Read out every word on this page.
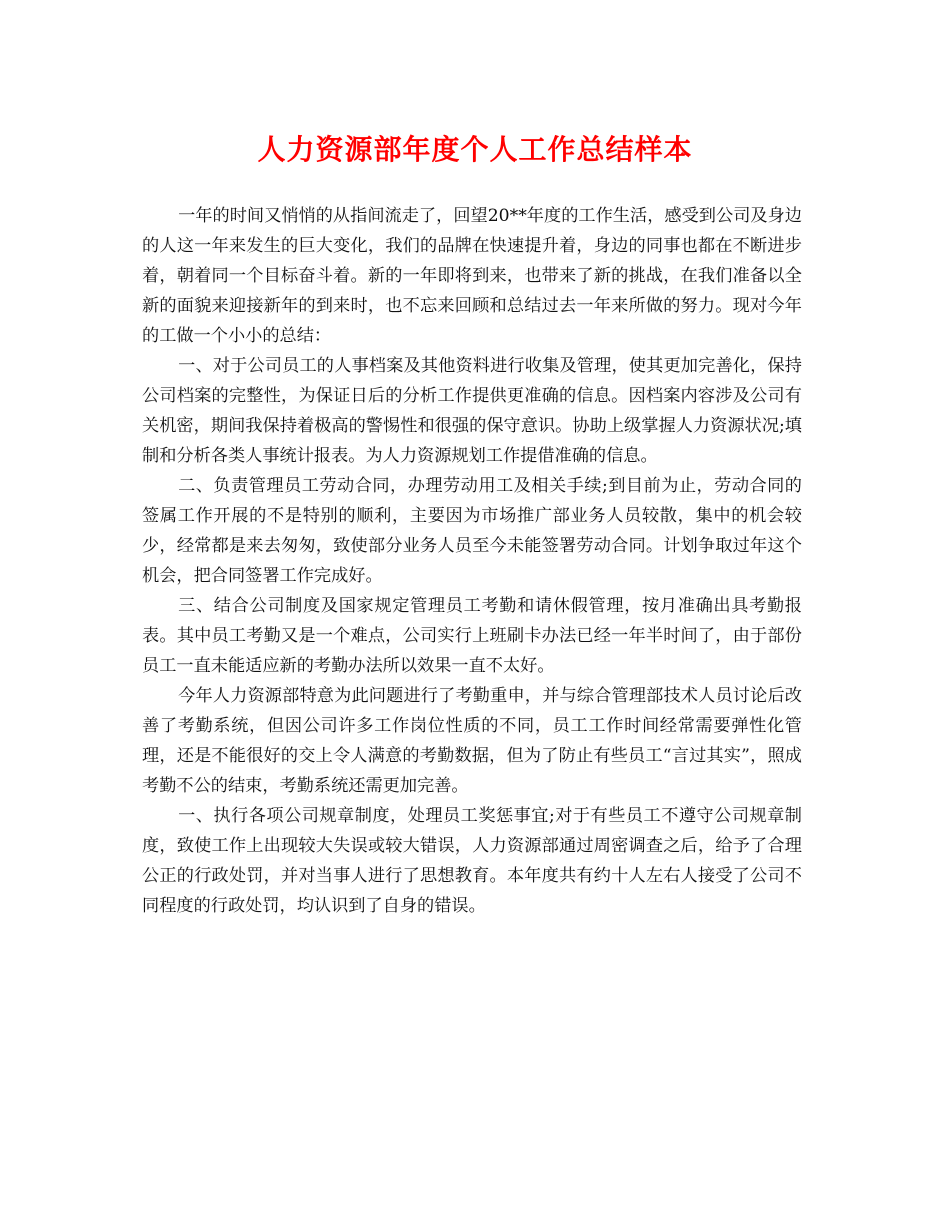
人力资源部年度个人工作总结样本

一年的时间又悄悄的从指间流走了，回望20**年度的工作生活，感受到公司及身边的人这一年来发生的巨大变化，我们的品牌在快速提升着，身边的同事也都在不断进步着，朝着同一个目标奋斗着。新的一年即将到来，也带来了新的挑战，在我们准备以全新的面貌来迎接新年的到来时，也不忘来回顾和总结过去一年来所做的努力。现对今年的工做一个小小的总结：

一、对于公司员工的人事档案及其他资料进行收集及管理，使其更加完善化，保持公司档案的完整性，为保证日后的分析工作提供更准确的信息。因档案内容涉及公司有关机密，期间我保持着极高的警惕性和很强的保守意识。协助上级掌握人力资源状况;填制和分析各类人事统计报表。为人力资源规划工作提借准确的信息。

二、负责管理员工劳动合同，办理劳动用工及相关手续;到目前为止，劳动合同的签属工作开展的不是特别的顺利，主要因为市场推广部业务人员较散，集中的机会较少，经常都是来去匆匆，致使部分业务人员至今未能签署劳动合同。计划争取过年这个机会，把合同签署工作完成好。

三、结合公司制度及国家规定管理员工考勤和请休假管理，按月准确出具考勤报表。其中员工考勤又是一个难点，公司实行上班刷卡办法已经一年半时间了，由于部份员工一直未能适应新的考勤办法所以效果一直不太好。

今年人力资源部特意为此问题进行了考勤重申，并与综合管理部技术人员讨论后改善了考勤系统，但因公司许多工作岗位性质的不同，员工工作时间经常需要弹性化管理，还是不能很好的交上令人满意的考勤数据，但为了防止有些员工“言过其实”，照成考勤不公的结束，考勤系统还需更加完善。

一、执行各项公司规章制度，处理员工奖惩事宜;对于有些员工不遵守公司规章制度，致使工作上出现较大失误或较大错误，人力资源部通过周密调查之后，给予了合理公正的行政处罚，并对当事人进行了思想教育。本年度共有约十人左右人接受了公司不同程度的行政处罚，均认识到了自身的错误。
